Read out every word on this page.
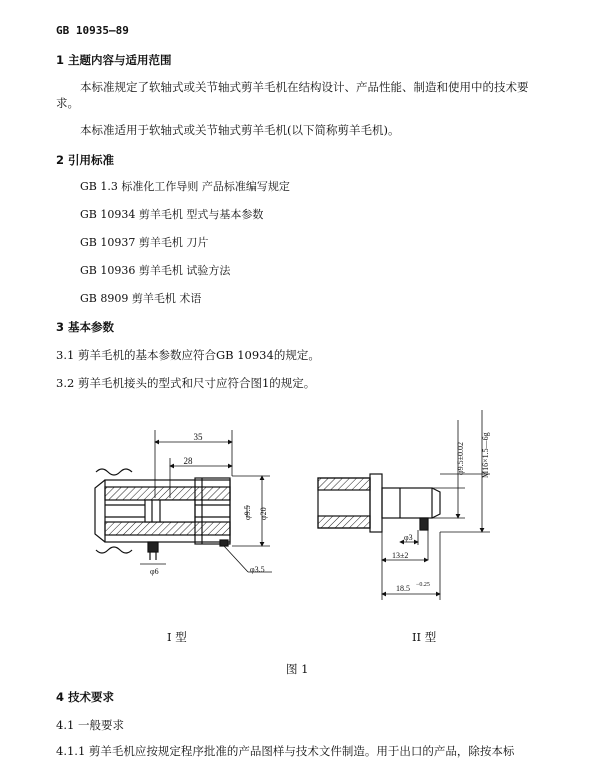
GB 10935—89
1 主题内容与适用范围
本标准规定了软轴式或关节轴式剪羊毛机在结构设计、产品性能、制造和使用中的技术要求。
本标准适用于软轴式或关节轴式剪羊毛机(以下简称剪羊毛机)。
2 引用标准
GB 1.3 标准化工作导则 产品标准编写规定
GB 10934 剪羊毛机 型式与基本参数
GB 10937 剪羊毛机 刀片
GB 10936 剪羊毛机 试验方法
GB 8909 剪羊毛机 术语
3 基本参数
3.1 剪羊毛机的基本参数应符合GB 10934的规定。
3.2 剪羊毛机接头的型式和尺寸应符合图1的规定。
35
28
φ9.5 φ20
φ6	φ3.5
φ9.5±0.02 M16×1.5—6g
φ3
13±2
18.5 −0.25
I 型	II 型
图 1
4 技术要求
4.1 一般要求
4.1.1 剪羊毛机应按规定程序批准的产品图样与技术文件制造。用于出口的产品，除按本标
